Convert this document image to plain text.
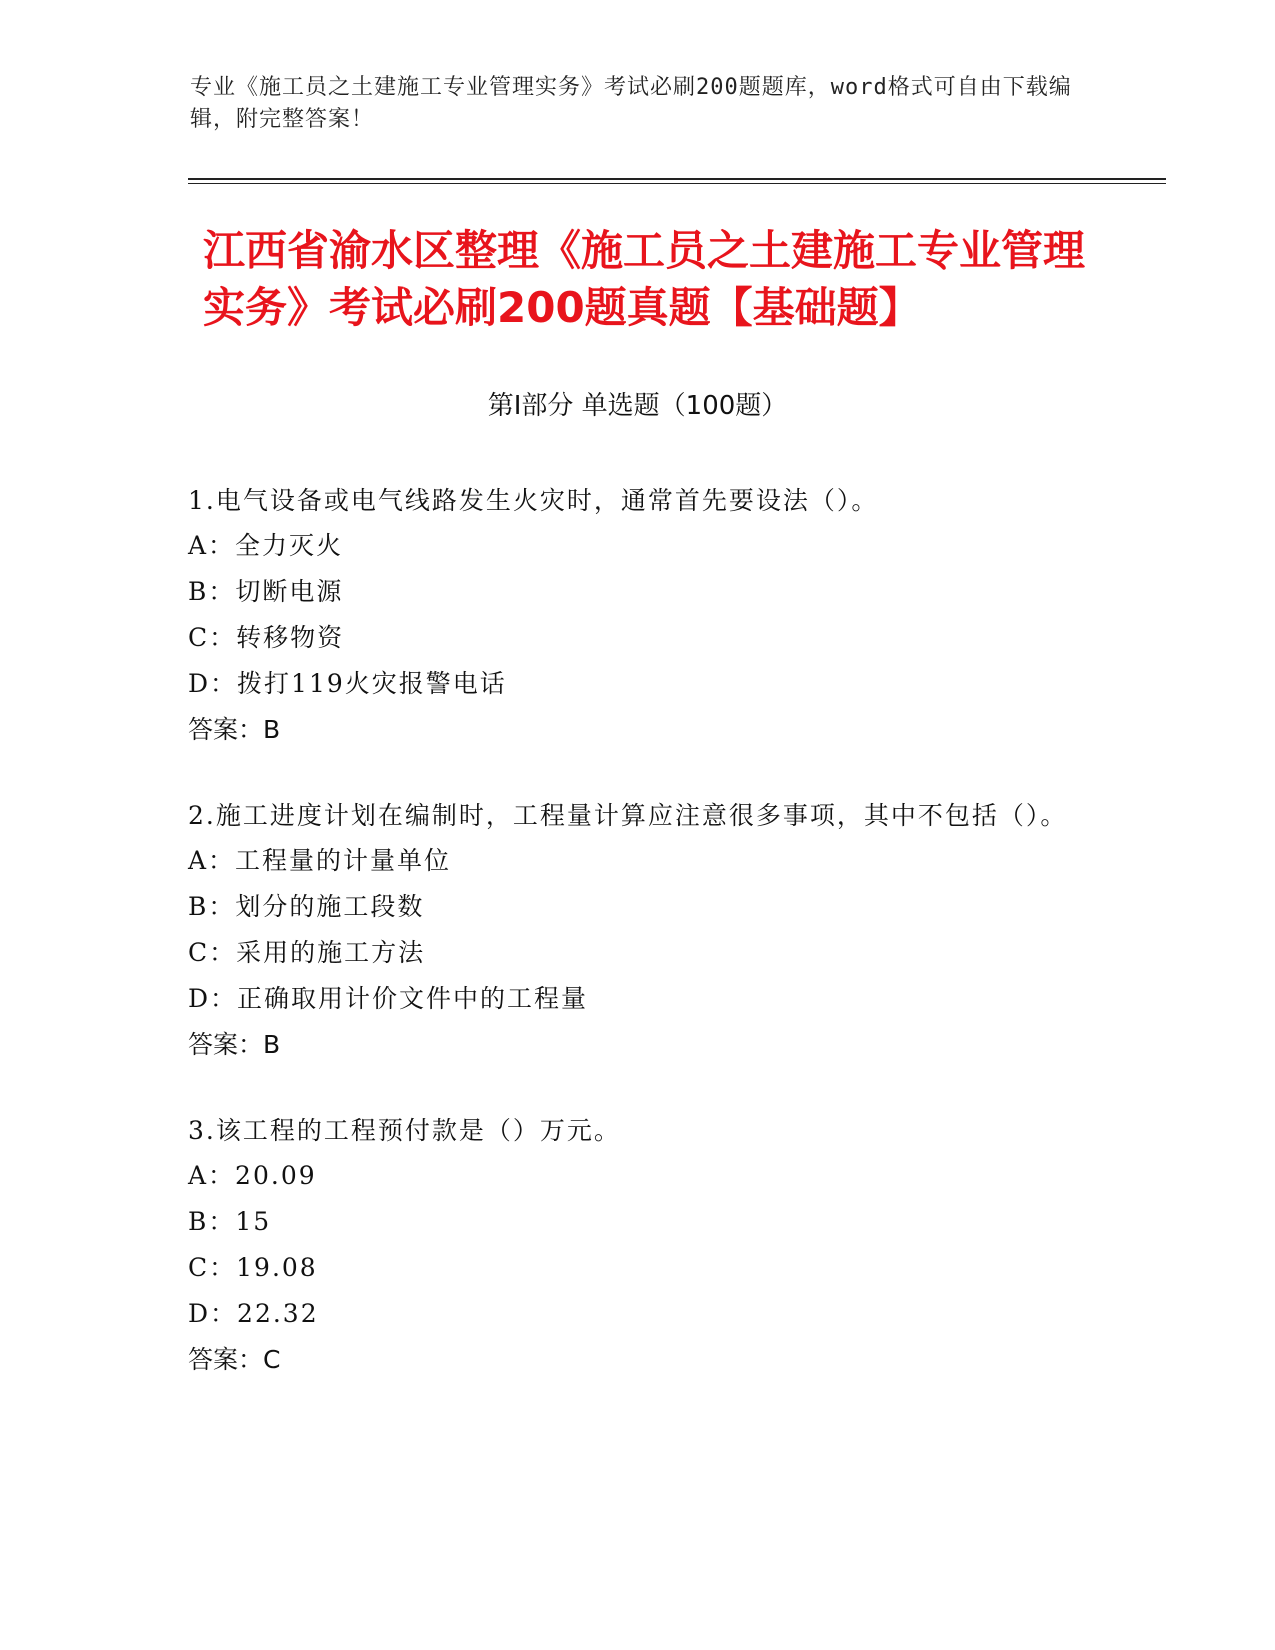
专业《施工员之土建施工专业管理实务》考试必刷200题题库，word格式可自由下载编辑，附完整答案！
江西省渝水区整理《施工员之土建施工专业管理实务》考试必刷200题真题【基础题】
第I部分 单选题（100题）
1.电气设备或电气线路发生火灾时，通常首先要设法（）。
A：全力灭火
B：切断电源
C：转移物资
D：拨打119火灾报警电话
答案：B
2.施工进度计划在编制时，工程量计算应注意很多事项，其中不包括（）。
A：工程量的计量单位
B：划分的施工段数
C：采用的施工方法
D：正确取用计价文件中的工程量
答案：B
3.该工程的工程预付款是（）万元。
A：20.09
B：15
C：19.08
D：22.32
答案：C
